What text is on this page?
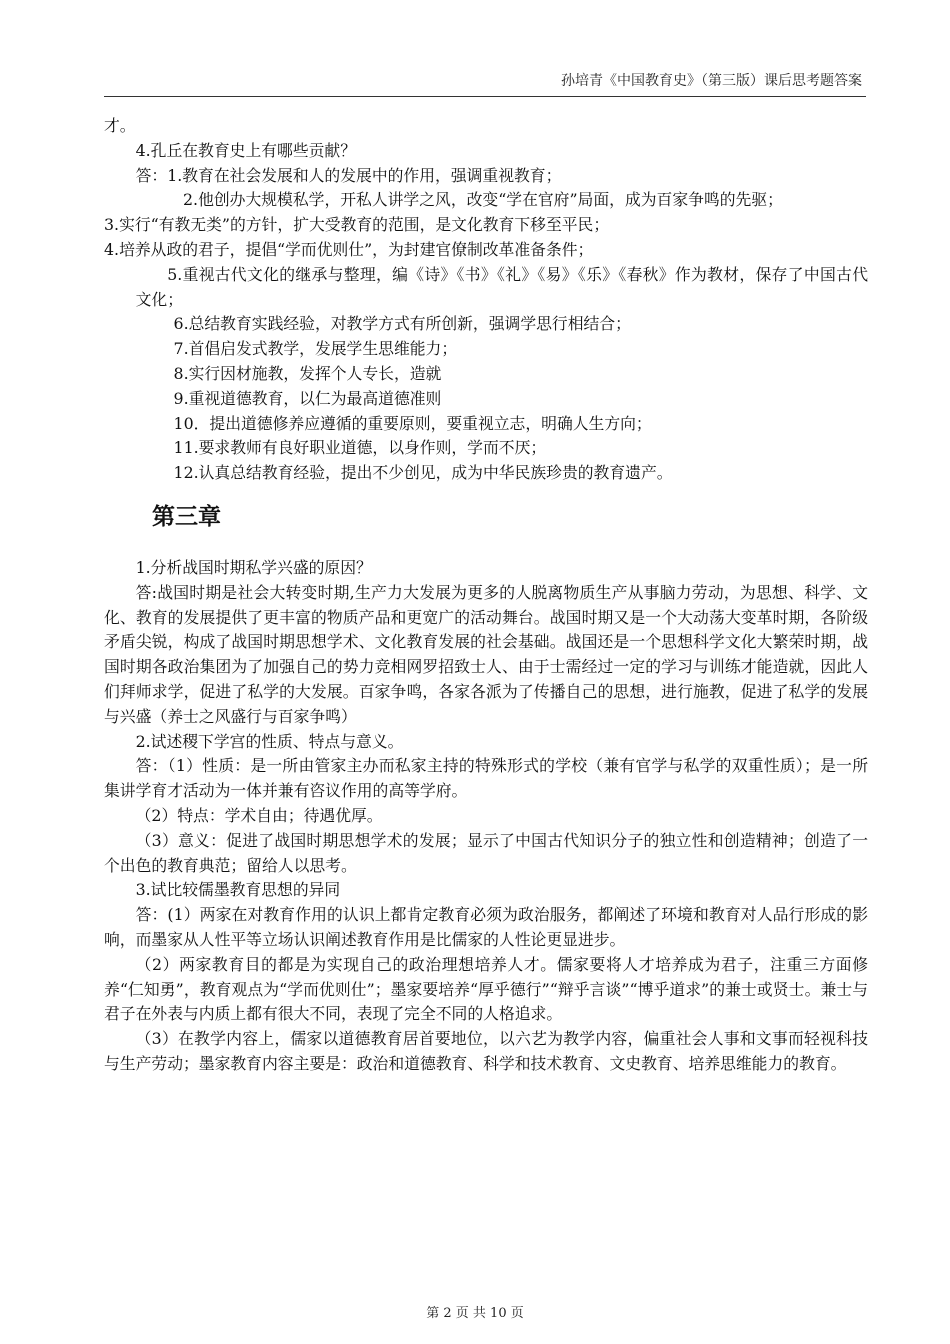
孙培青《中国教育史》（第三版）课后思考题答案

才。

4.孔丘在教育史上有哪些贡献？

答：1.教育在社会发展和人的发展中的作用，强调重视教育；

2.他创办大规模私学，开私人讲学之风，改变“学在官府”局面，成为百家争鸣的先驱；

3.实行“有教无类”的方针，扩大受教育的范围，是文化教育下移至平民；

4.培养从政的君子，提倡“学而优则仕”，为封建官僚制改革准备条件；

5.重视古代文化的继承与整理，编《诗》《书》《礼》《易》《乐》《春秋》作为教材，保存了中国古代文化；

6.总结教育实践经验，对教学方式有所创新，强调学思行相结合；

7.首倡启发式教学，发展学生思维能力；

8.实行因材施教，发挥个人专长，造就

9.重视道德教育，以仁为最高道德准则

10．提出道德修养应遵循的重要原则，要重视立志，明确人生方向；

11.要求教师有良好职业道德，以身作则，学而不厌；

12.认真总结教育经验，提出不少创见，成为中华民族珍贵的教育遗产。

第三章

1.分析战国时期私学兴盛的原因？

答:战国时期是社会大转变时期,生产力大发展为更多的人脱离物质生产从事脑力劳动，为思想、科学、文化、教育的发展提供了更丰富的物质产品和更宽广的活动舞台。战国时期又是一个大动荡大变革时期，各阶级矛盾尖锐，构成了战国时期思想学术、文化教育发展的社会基础。战国还是一个思想科学文化大繁荣时期，战国时期各政治集团为了加强自己的势力竞相网罗招致士人、由于士需经过一定的学习与训练才能造就，因此人们拜师求学，促进了私学的大发展。百家争鸣，各家各派为了传播自己的思想，进行施教，促进了私学的发展与兴盛（养士之风盛行与百家争鸣）

2.试述稷下学宫的性质、特点与意义。

答：（1）性质：是一所由管家主办而私家主持的特殊形式的学校（兼有官学与私学的双重性质）；是一所集讲学育才活动为一体并兼有咨议作用的高等学府。

（2）特点：学术自由；待遇优厚。

（3）意义：促进了战国时期思想学术的发展；显示了中国古代知识分子的独立性和创造精神；创造了一个出色的教育典范；留给人以思考。

3.试比较儒墨教育思想的异同

答：(1）两家在对教育作用的认识上都肯定教育必须为政治服务，都阐述了环境和教育对人品行形成的影响，而墨家从人性平等立场认识阐述教育作用是比儒家的人性论更显进步。

（2）两家教育目的都是为实现自己的政治理想培养人才。儒家要将人才培养成为君子，注重三方面修养“仁知勇”，教育观点为“学而优则仕”；墨家要培养“厚乎德行”“辩乎言谈”“博乎道求”的兼士或贤士。兼士与君子在外表与内质上都有很大不同，表现了完全不同的人格追求。

（3）在教学内容上，儒家以道德教育居首要地位，以六艺为教学内容，偏重社会人事和文事而轻视科技与生产劳动；墨家教育内容主要是：政治和道德教育、科学和技术教育、文史教育、培养思维能力的教育。

第 2 页 共 10 页
